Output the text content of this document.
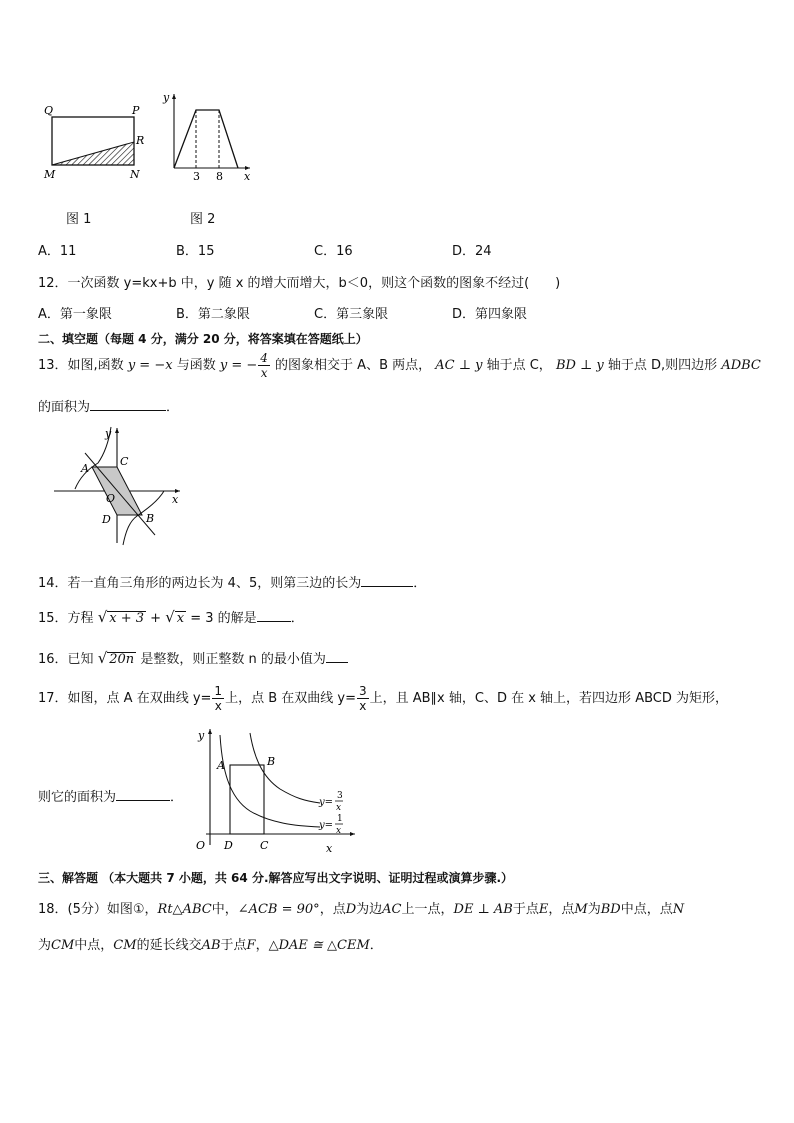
Q	P
R
M	N
y
x
3 8
图 1	图 2
A．11	B．15	C．16	D．24
12．一次函数 y=kx+b 中，y 随 x 的增大而增大，b＜0，则这个函数的图象不经过(　　)
A．第一象限	B．第二象限	C．第三象限	D．第四象限
二、填空题（每题 4 分，满分 20 分，将答案填在答题纸上）
13．如图,函数 y = −x 与函数 y = − $\frac{4}{x}$ 的图象相交于 A、B 两点， AC ⊥ y 轴于点 C， BD ⊥ y 轴于点 D,则四边形 ADBC
的面积为	．
y
x
A
C
O
D	B
14．若一直角三角形的两边长为 4、5，则第三边的长为	．
15．方程 √ x + 3 + √ x = 3 的解是	．
16．已知 √ 20n 是整数，则正整数 n 的最小值为
17．如图，点 A 在双曲线 $y= \frac{1}{x}$ 上，点 B 在双曲线 $y= \frac{3}{x}$ 上，且 AB∥x 轴，C、D 在 x 轴上，若四边形 ABCD 为矩形，
y
x
A	B
O D C
y=
3
x
y=
1
x
则它的面积为	．
三、解答题 （本大题共 7 小题，共 64 分.解答应写出文字说明、证明过程或演算步骤.）
18．(5分）如图①，Rt△ABC中，∠ACB = 90°，点D为边AC上一点，DE ⊥ AB于点E，点M为BD中点，点N
为CM中点，CM的延长线交AB于点F，△DAE ≅ △CEM．
